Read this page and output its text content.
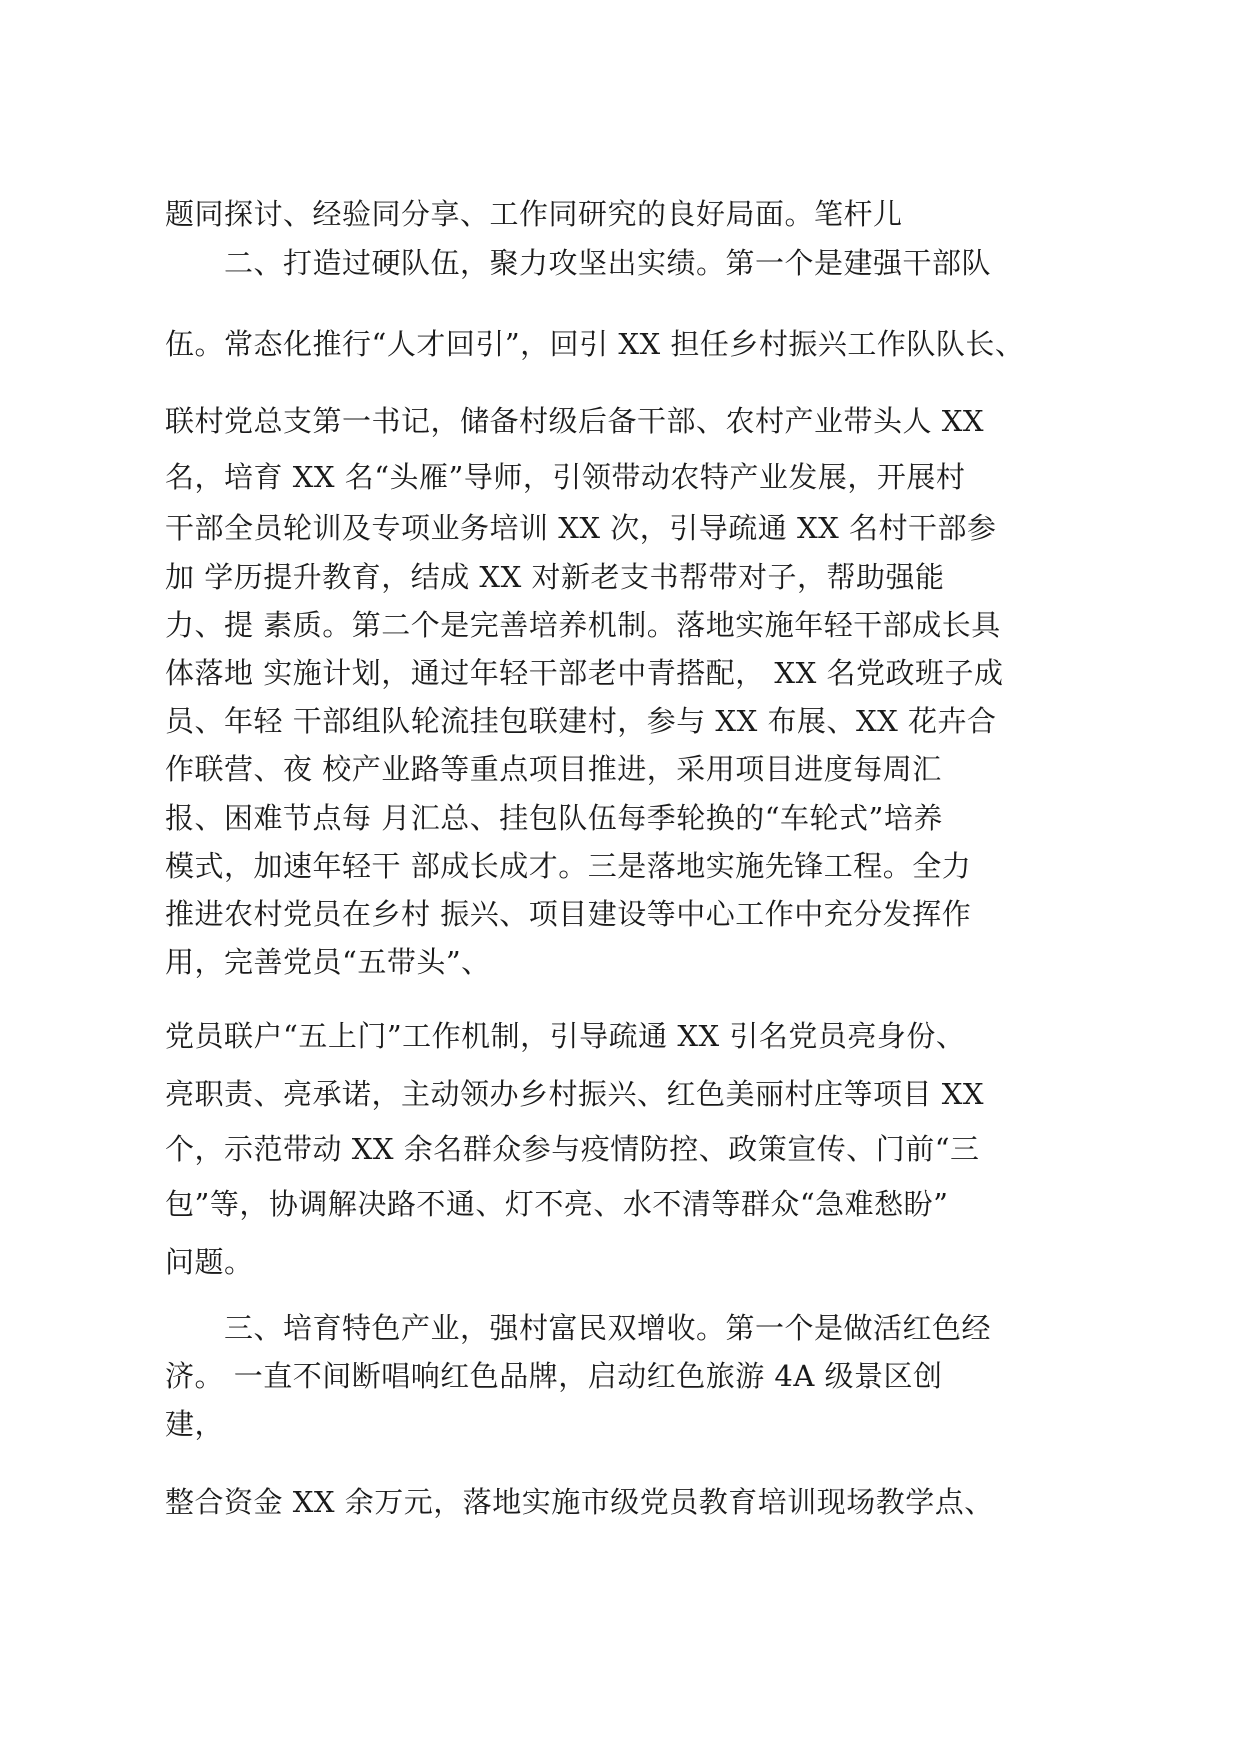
题同探讨、经验同分享、工作同研究的良好局面。笔杆儿

　　二、打造过硬队伍，聚力攻坚出实绩。第一个是建强干部队

伍。常态化推行“人才回引”，回引 XX 担任乡村振兴工作队队长、

联村党总支第一书记，储备村级后备干部、农村产业带头人 XX

名，培育 XX 名“头雁”导师，引领带动农特产业发展，开展村

干部全员轮训及专项业务培训 XX 次，引导疏通 XX 名村干部参

加 学历提升教育，结成 XX 对新老支书帮带对子，帮助强能

力、提 素质。第二个是完善培养机制。落地实施年轻干部成长具

体落地 实施计划，通过年轻干部老中青搭配， XX 名党政班子成

员、年轻 干部组队轮流挂包联建村，参与 XX 布展、XX 花卉合

作联营、夜 校产业路等重点项目推进，采用项目进度每周汇

报、困难节点每 月汇总、挂包队伍每季轮换的“车轮式”培养

模式，加速年轻干 部成长成才。三是落地实施先锋工程。全力

推进农村党员在乡村 振兴、项目建设等中心工作中充分发挥作

用，完善党员“五带头”、

党员联户“五上门”工作机制，引导疏通 XX 引名党员亮身份、

亮职责、亮承诺，主动领办乡村振兴、红色美丽村庄等项目 XX

个，示范带动 XX 余名群众参与疫情防控、政策宣传、门前“三

包”等，协调解决路不通、灯不亮、水不清等群众“急难愁盼”

问题。

　　三、培育特色产业，强村富民双增收。第一个是做活红色经

济。 一直不间断唱响红色品牌，启动红色旅游 4A 级景区创

建，

整合资金 XX 余万元，落地实施市级党员教育培训现场教学点、
